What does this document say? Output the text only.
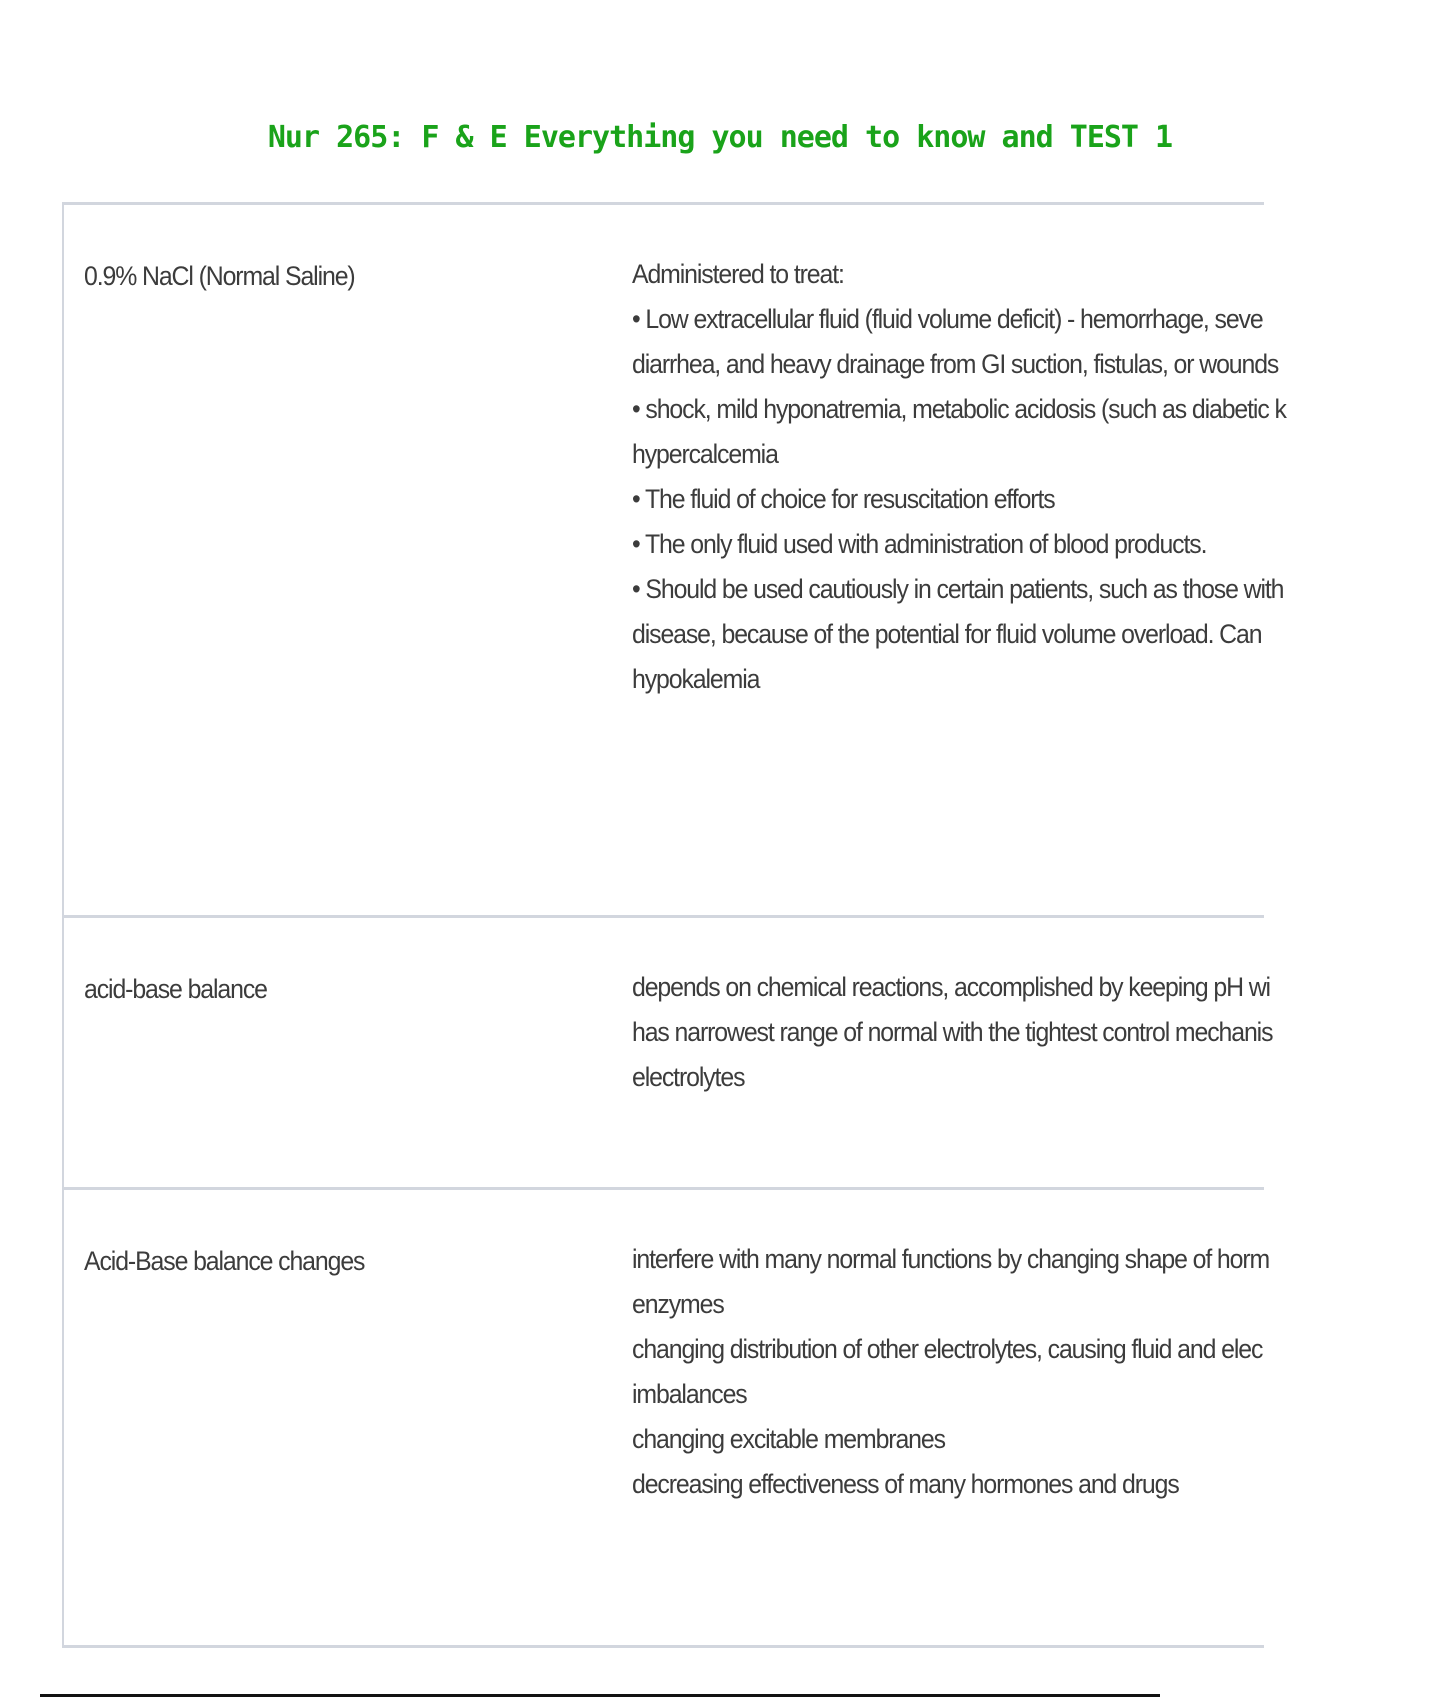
Nur 265: F & E Everything you need to know and TEST 1
0.9% NaCl (Normal Saline)	Administered to treat:
• Low extracellular fluid (fluid volume deficit) - hemorrhage, seve
diarrhea, and heavy drainage from GI suction, fistulas, or wounds
• shock, mild hyponatremia, metabolic acidosis (such as diabetic k
hypercalcemia
• The fluid of choice for resuscitation efforts
• The only fluid used with administration of blood products.
• Should be used cautiously in certain patients, such as those with
disease, because of the potential for fluid volume overload. Can
hypokalemia
acid-base balance	depends on chemical reactions, accomplished by keeping pH wi
has narrowest range of normal with the tightest control mechanis
electrolytes
Acid-Base balance changes	interfere with many normal functions by changing shape of horm
enzymes
changing distribution of other electrolytes, causing fluid and elec
imbalances
changing excitable membranes
decreasing effectiveness of many hormones and drugs
